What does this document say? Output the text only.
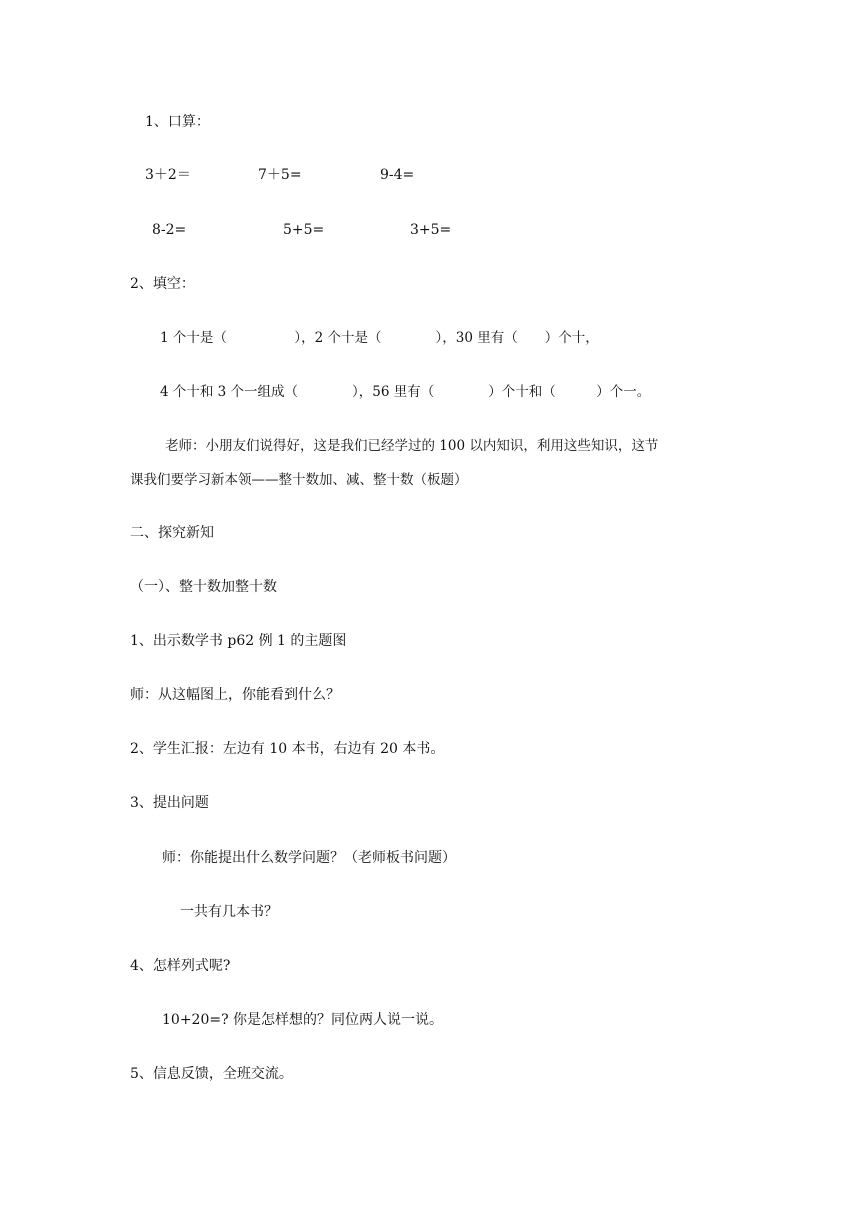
1、口算：
3＋2＝	7＋5=	9-4=
8-2=	5+5=	3+5=
2、填空：
1 个十是（　　　　　），2 个十是（　　　　），30 里有（　　）个十，
4 个十和 3 个一组成（　　　　），56 里有（　　　　）个十和（　　　）个一。
老师：小朋友们说得好，这是我们已经学过的 100 以内知识，利用这些知识，这节
课我们要学习新本领——整十数加、减、整十数（板题）
二、探究新知
（一）、整十数加整十数
1、出示数学书 p62 例 1 的主题图
师：从这幅图上，你能看到什么？
2、学生汇报：左边有 10 本书，右边有 20 本书。
3、提出问题
师：你能提出什么数学问题？（老师板书问题）
一共有几本书？
4、怎样列式呢?
10+20=? 你是怎样想的？同位两人说一说。
5、信息反馈，全班交流。
